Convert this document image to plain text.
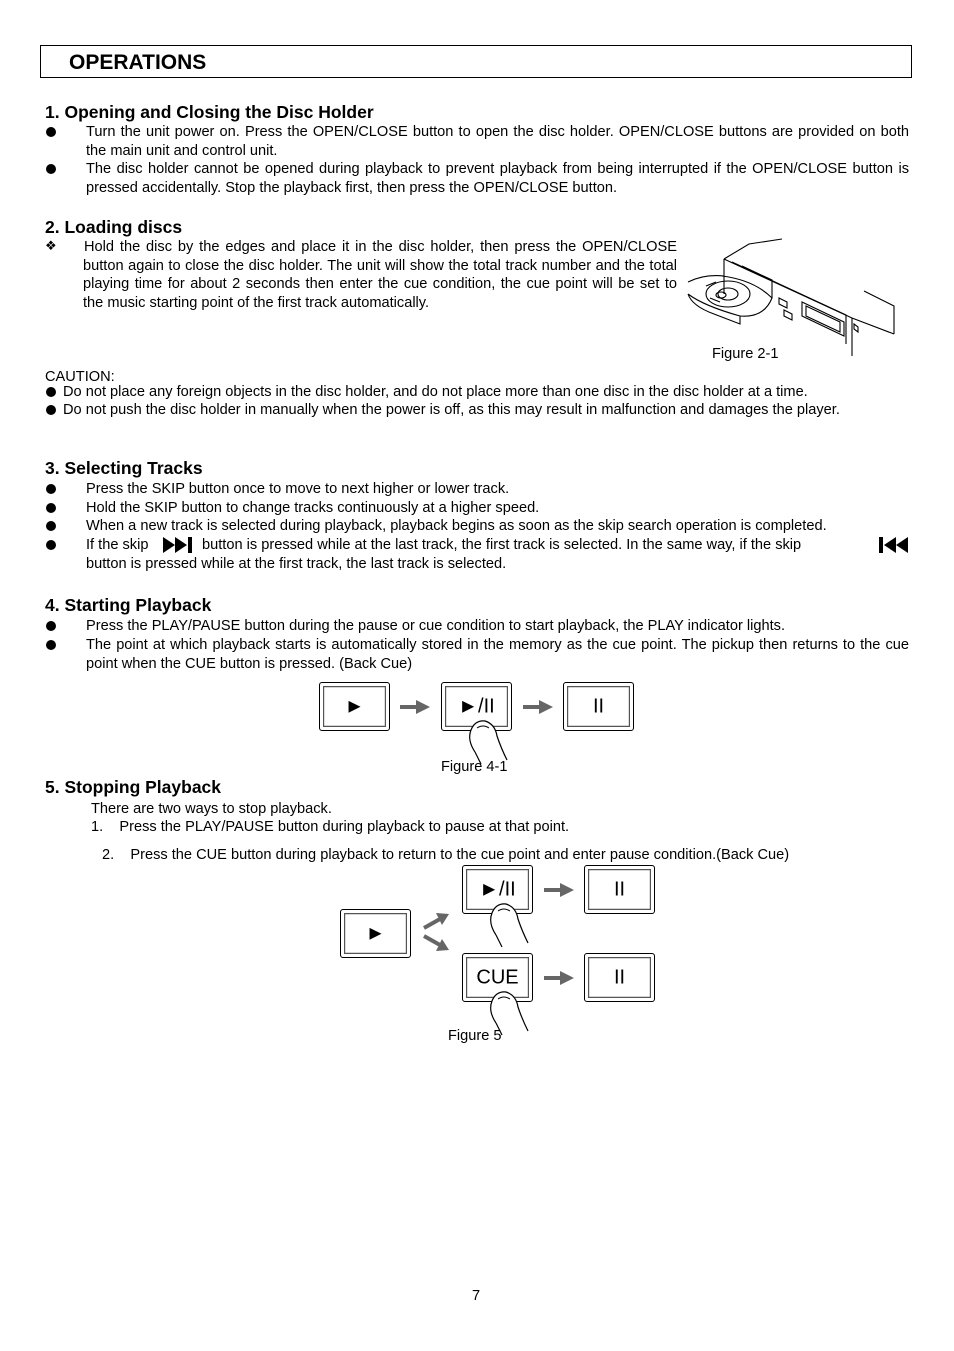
OPERATIONS
1. Opening and Closing the Disc Holder
Turn the unit power on. Press the OPEN/CLOSE button to open the disc holder. OPEN/CLOSE buttons are provided on both the main unit and control unit.
The disc holder cannot be opened during playback to prevent playback from being interrupted if the OPEN/CLOSE button is pressed accidentally. Stop the playback first, then press the OPEN/CLOSE button.
2. Loading discs
❖ Hold the disc by the edges and place it in the disc holder, then press the OPEN/CLOSE button again to close the disc holder. The unit will show the total track number and the total playing time for about 2 seconds then enter the cue condition, the cue point will be set to the music starting point of the first track automatically.
Figure 2-1
CAUTION:
Do not place any foreign objects in the disc holder, and do not place more than one disc in the disc holder at a time.
Do not push the disc holder in manually when the power is off, as this may result in malfunction and damages the player.
3. Selecting Tracks
Press the SKIP button once to move to next higher or lower track.
Hold the SKIP button to change tracks continuously at a higher speed.
When a new track is selected during playback, playback begins as soon as the skip search operation is completed.
If the skip	button is pressed while at the last track, the first track is selected. In the same way, if the skip
button is pressed while at the first track, the last track is selected.
4. Starting Playback
Press the PLAY/PAUSE button during the pause or cue condition to start playback, the PLAY indicator lights.
The point at which playback starts is automatically stored in the memory as the cue point. The pickup then returns to the cue point when the CUE button is pressed. (Back Cue)
►	►/II	II
Figure 4-1
5. Stopping Playback
There are two ways to stop playback.
1.    Press the PLAY/PAUSE button during playback to pause at that point.
2.    Press the CUE button during playback to return to the cue point and enter pause condition.(Back Cue)
►
►/II	II
CUE	II
Figure 5
7
